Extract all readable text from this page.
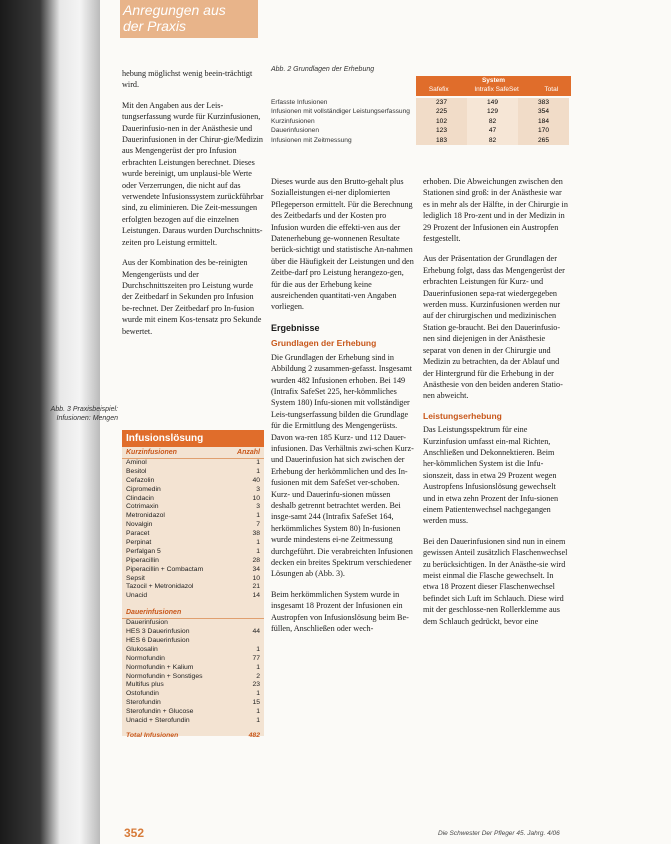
Anregungen aus
der Praxis

hebung möglichst wenig beein-trächtigt wird.

Mit den Angaben aus der Leis-tungserfassung wurde für Kurzinfusionen, Dauerinfusio-nen in der Anästhesie und Dauerinfusionen in der Chirur-gie/Medizin aus Mengengerüst der pro Infusion erbrachten Leistungen berechnet. Dieses wurde bereinigt, um unplausi-ble Werte oder Verzerrungen, die nicht auf das verwendete Infusionssystem zurückführbar sind, zu eliminieren. Die Zeit-messungen erfolgten bezogen auf die einzelnen Leistungen. Daraus wurden Durchschnitts-zeiten pro Leistung ermittelt.

Aus der Kombination des be-reinigten Mengengerüsts und der Durchschnittszeiten pro Leistung wurde der Zeitbedarf in Sekunden pro Infusion be-rechnet. Der Zeitbedarf pro In-fusion wurde mit einem Kos-tensatz pro Sekunde bewertet.

Abb. 3 Praxisbeispiel: Infusionen: Mengen
Infusionslösung
Kurzinfusionen	Anzahl
Aminol	1
Besitol	1
Cefazolin	40
Cipromedin	3
Clindacin	10
Cotrimaxin	3
Metronidazol	1
Novalgin	7
Paracet	38
Perpinat	1
Perfalgan 5	1
Piperacillin	28
Piperacillin + Combactam	34
Sepsit	10
Tazocil + Metronidazol	21
Unacid	14
Dauerinfusionen
Dauerinfusion
HES 3 Dauerinfusion	44
HES 6 Dauerinfusion
Glukosalin	1
Normofundin	77
Normofundin + Kalium	1
Normofundin + Sonstiges	2
Multifus plus	23
Ostofundin	1
Sterofundin	15
Sterofundin + Glucose	1
Unacid + Sterofundin	1
Total Infusionen	482
Abb. 2 Grundlagen der Erhebung
System
Safefix	Intrafix SafeSet	Total
Erfasste Infusionen	237	149	383
Infusionen mit vollständiger Leistungserfassung	225	129	354
Kurzinfusionen	102	82	184
Dauerinfusionen	123	47	170
Infusionen mit Zeitmessung	183	82	265

Dieses wurde aus den Brutto-gehalt plus Sozialleistungen ei-ner diplomierten Pflegeperson ermittelt. Für die Berechnung des Zeitbedarfs und der Kosten pro Infusion wurden die effekti-ven aus der Datenerhebung ge-wonnenen Resultate berück-sichtigt und statistische An-nahmen über die Häufigkeit der Leistungen und den Zeitbe-darf pro Leistung herangezo-gen, für die aus der Erhebung keine ausreichenden quantitati-ven Angaben vorliegen.

Ergebnisse
Grundlagen der Erhebung

Die Grundlagen der Erhebung sind in Abbildung 2 zusammen-gefasst. Insgesamt wurden 482 Infusionen erhoben. Bei 149 (Intrafix SafeSet 225, her-kömmliches System 180) Infu-sionen mit vollständiger Leis-tungserfassung bilden die Grundlage für die Ermittlung des Mengengerüsts. Davon wa-ren 185 Kurz- und 112 Dauer-infusionen. Das Verhältnis zwi-schen Kurz- und Dauerinfusion hat sich zwischen der Erhebung der herkömmlichen und des In-fusionen mit dem SafeSet ver-schoben. Kurz- und Dauerinfu-sionen müssen deshalb getrennt betrachtet werden. Bei insge-samt 244 (Intrafix SafeSet 164, herkömmliches System 80) In-fusionen wurde mindestens ei-ne Zeitmessung durchgeführt. Die verabreichten Infusionen decken ein breites Spektrum verschiedener Lösungen ab (Abb. 3).

Beim herkömmlichen System wurde in insgesamt 18 Prozent der Infusionen ein Austropfen von Infusionslösung beim Be-füllen, Anschließen oder wech-

erhoben. Die Abweichungen zwischen den Stationen sind groß: in der Anästhesie war es in mehr als der Hälfte, in der Chirurgie in lediglich 18 Pro-zent und in der Medizin in 29 Prozent der Infusionen ein Austropfen festgestellt.

Aus der Präsentation der Grundlagen der Erhebung folgt, dass das Mengengerüst der erbrachten Leistungen für Kurz- und Dauerinfusionen sepa-rat wiedergegeben werden muss. Kurzinfusionen werden nur auf der chirurgischen und medizinischen Station ge-braucht. Bei den Dauerinfusio-nen sind diejenigen in der Anästhesie separat von denen in der Chirurgie und Medizin zu betrachten, da der Ablauf und der Hintergrund für die Erhebung in der Anästhesie von den beiden anderen Statio-nen abweicht.

Leistungserhebung

Das Leistungsspektrum für eine Kurzinfusion umfasst ein-mal Richten, Anschließen und Dekonnektieren. Beim her-kömmlichen System ist die Infu-sionszeit, dass in etwa 29 Prozent wegen Austropfens Infusionslösung gewechselt und in etwa zehn Prozent der Infu-sionen einem Patientenwechsel nachgegangen werden muss.

Bei den Dauerinfusionen sind nun in einem gewissen Anteil zusätzlich Flaschenwechsel zu berücksichtigen. In der Anästhe-sie wird meist einmal die Flasche gewechselt. In etwa 18 Prozent dieser Flaschenwechsel befindet sich Luft im Schlauch. Diese wird mit der geschlosse-nen Rollerklemme aus dem Schlauch gedrückt, bevor eine

352	Die Schwester Der Pfleger 45. Jahrg. 4/06
